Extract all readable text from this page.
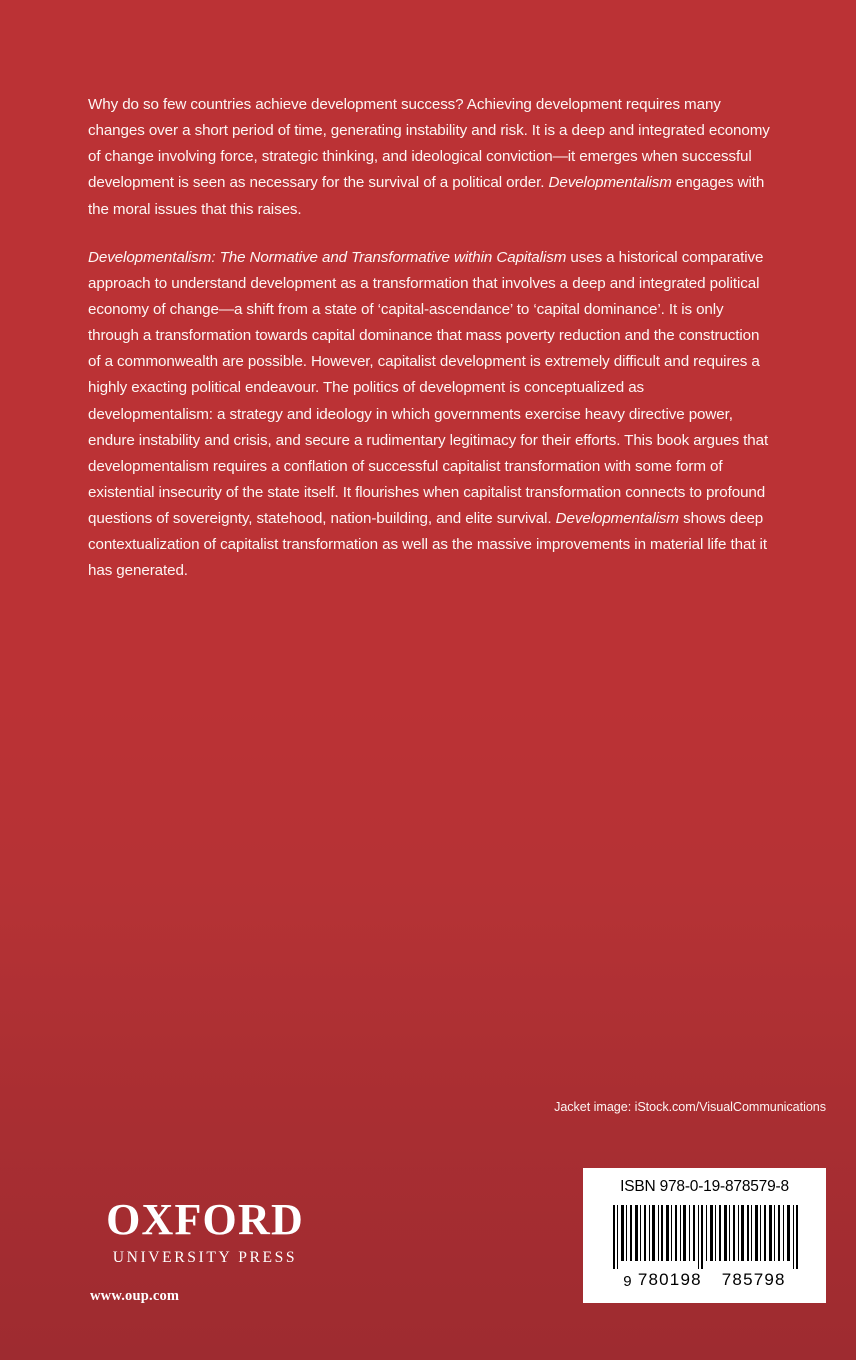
Why do so few countries achieve development success? Achieving development requires many changes over a short period of time, generating instability and risk. It is a deep and integrated economy of change involving force, strategic thinking, and ideological conviction—it emerges when successful development is seen as necessary for the survival of a political order. Developmentalism engages with the moral issues that this raises.

Developmentalism: The Normative and Transformative within Capitalism uses a historical comparative approach to understand development as a transformation that involves a deep and integrated political economy of change—a shift from a state of ‘capital-ascendance’ to ‘capital dominance’. It is only through a transformation towards capital dominance that mass poverty reduction and the construction of a commonwealth are possible. However, capitalist development is extremely difficult and requires a highly exacting political endeavour. The politics of development is conceptualized as developmentalism: a strategy and ideology in which governments exercise heavy directive power, endure instability and crisis, and secure a rudimentary legitimacy for their efforts. This book argues that developmentalism requires a conflation of successful capitalist transformation with some form of existential insecurity of the state itself. It flourishes when capitalist transformation connects to profound questions of sovereignty, statehood, nation-building, and elite survival. Developmentalism shows deep contextualization of capitalist transformation as well as the massive improvements in material life that it has generated.

Jacket image: iStock.com/VisualCommunications
OXFORD
UNIVERSITY PRESS
www.oup.com
ISBN 978-0-19-878579-8
9 780198 785798
